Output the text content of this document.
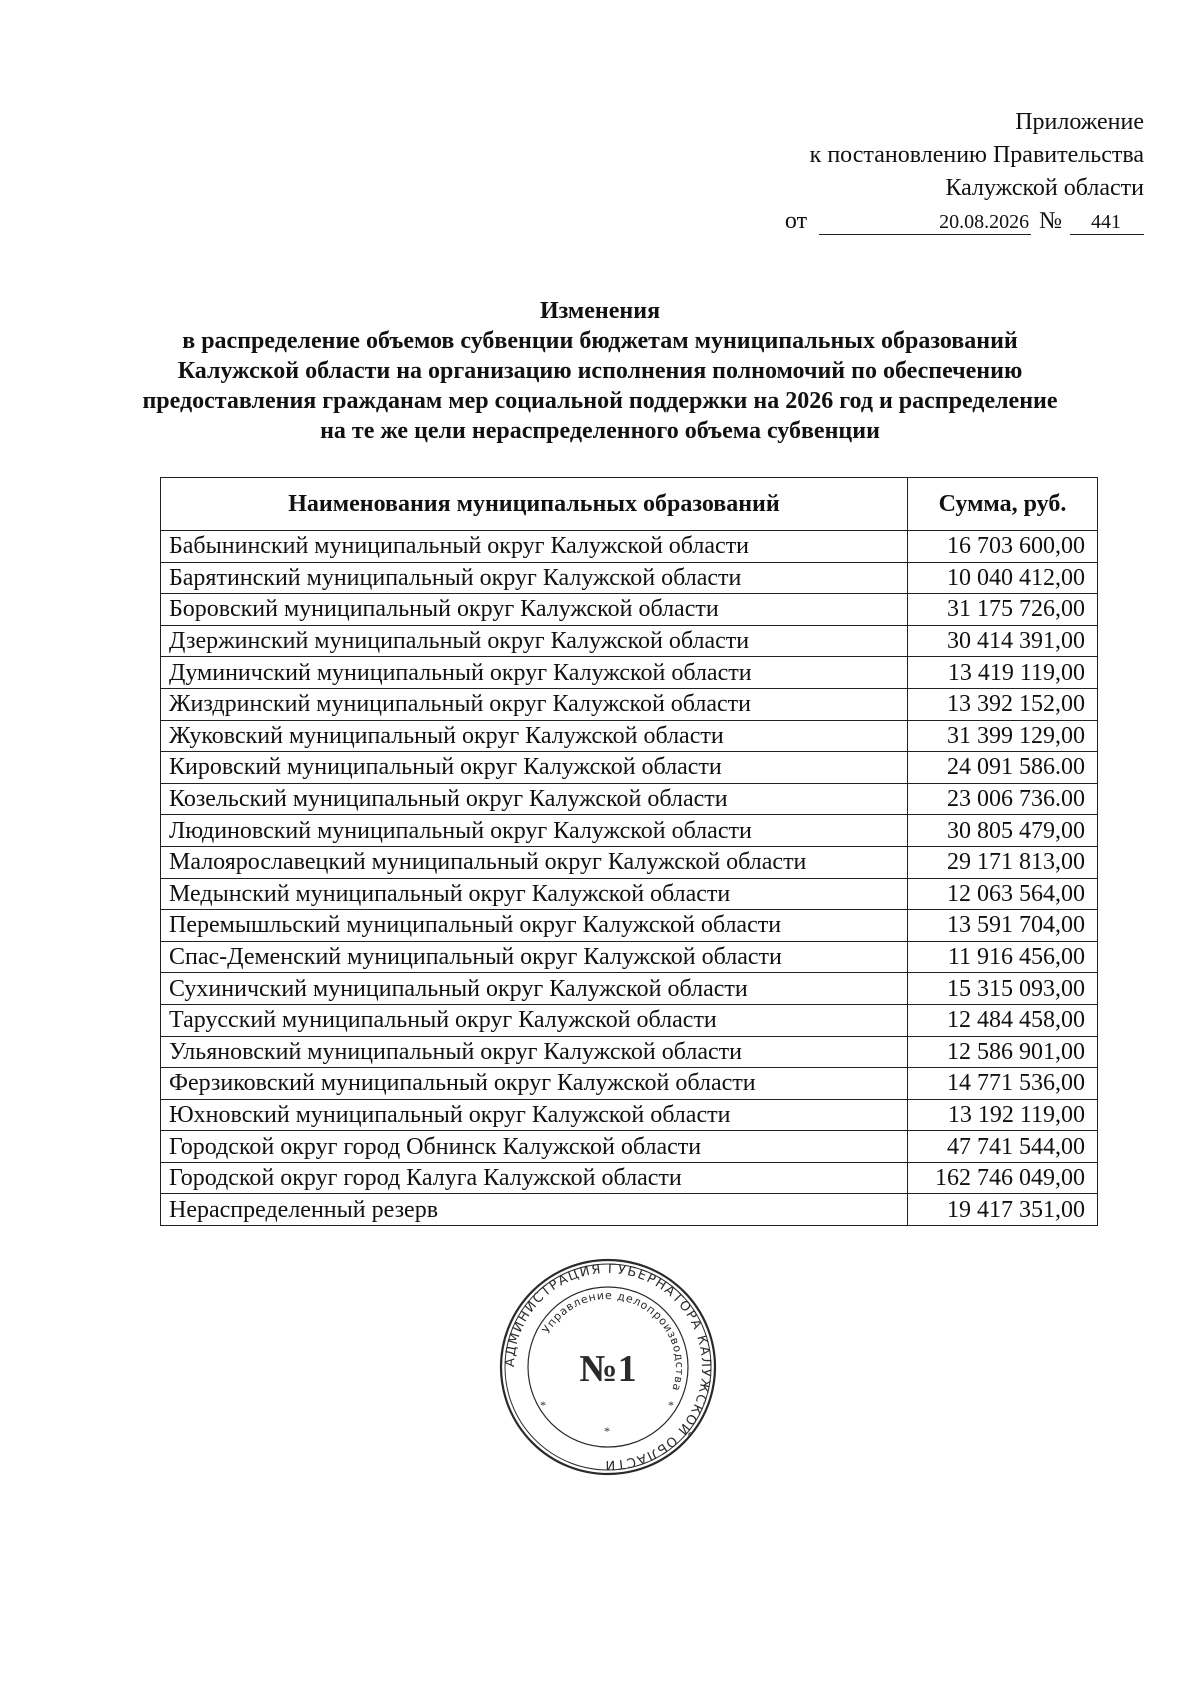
Приложение
к постановлению Правительства
Калужской области
от	20.08.2026 №	441
Изменения
в распределение объемов субвенции бюджетам муниципальных образований
Калужской области на организацию исполнения полномочий по обеспечению
предоставления гражданам мер социальной поддержки на 2026 год и распределение
на те же цели нераспределенного объема субвенции
Наименования муниципальных образований	Сумма, руб.
Бабынинский муниципальный округ Калужской области	16 703 600,00
Барятинский муниципальный округ Калужской области	10 040 412,00
Боровский муниципальный округ Калужской области	31 175 726,00
Дзержинский муниципальный округ Калужской области	30 414 391,00
Думиничский муниципальный округ Калужской области	13 419 119,00
Жиздринский муниципальный округ Калужской области	13 392 152,00
Жуковский муниципальный округ Калужской области	31 399 129,00
Кировский муниципальный округ Калужской области	24 091 586.00
Козельский муниципальный округ Калужской области	23 006 736.00
Людиновский муниципальный округ Калужской области	30 805 479,00
Малоярославецкий муниципальный округ Калужской области	29 171 813,00
Медынский муниципальный округ Калужской области	12 063 564,00
Перемышльский муниципальный округ Калужской области	13 591 704,00
Спас-Деменский муниципальный округ Калужской области	11 916 456,00
Сухиничский муниципальный округ Калужской области	15 315 093,00
Тарусский муниципальный округ Калужской области	12 484 458,00
Ульяновский муниципальный округ Калужской области	12 586 901,00
Ферзиковский муниципальный округ Калужской области	14 771 536,00
Юхновский муниципальный округ Калужской области	13 192 119,00
Городской округ город Обнинск Калужской области	47 741 544,00
Городской округ город Калуга Калужской области	162 746 049,00
Нераспределенный резерв	19 417 351,00
АДМИНИСТРАЦИЯ ГУБЕРНАТОРА КАЛУЖСКОЙ ОБЛАСТИ
Управление делопроизводства
№1
*	*
*
